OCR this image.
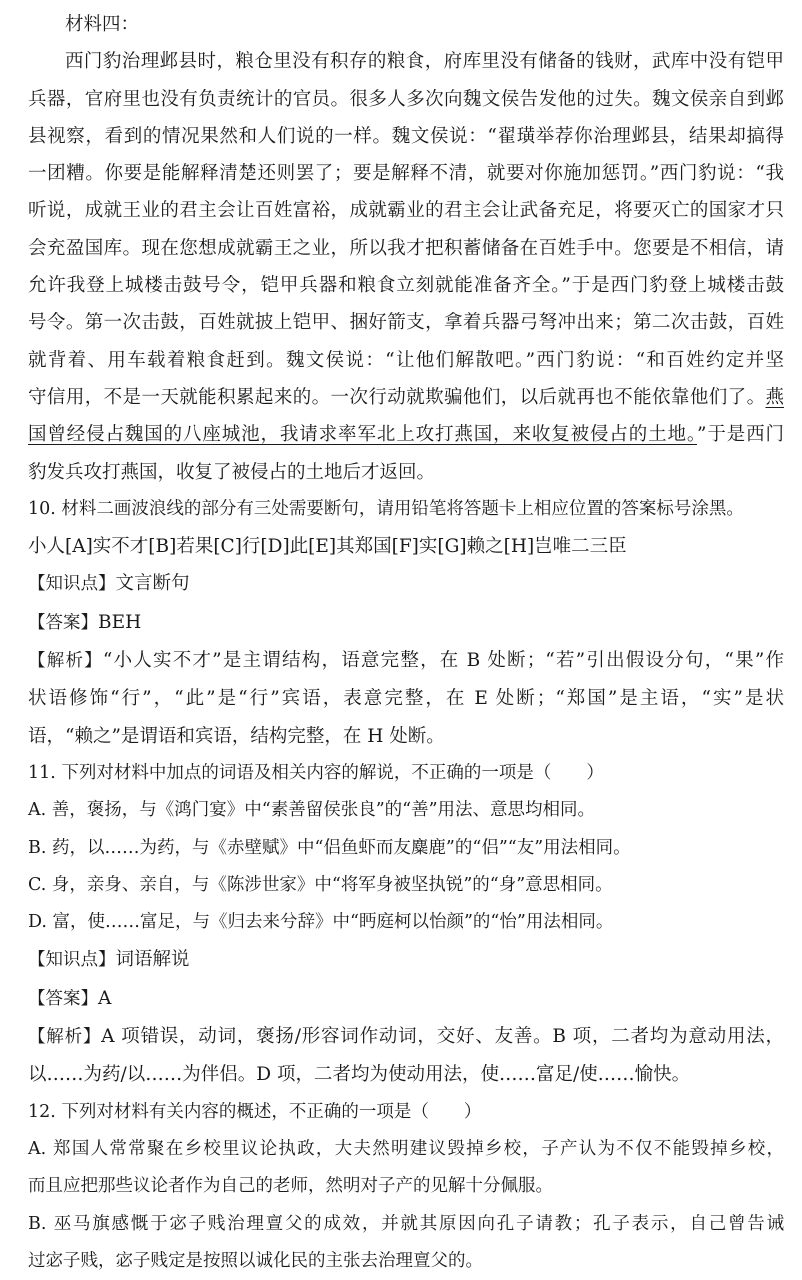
材料四：

西门豹治理邺县时，粮仓里没有积存的粮食，府库里没有储备的钱财，武库中没有铠甲

兵器，官府里也没有负责统计的官员。很多人多次向魏文侯告发他的过失。魏文侯亲自到邺

县视察，看到的情况果然和人们说的一样。魏文侯说：“翟璜举荐你治理邺县，结果却搞得

一团糟。你要是能解释清楚还则罢了；要是解释不清，就要对你施加惩罚。”西门豹说：“我

听说，成就王业的君主会让百姓富裕，成就霸业的君主会让武备充足，将要灭亡的国家才只

会充盈国库。现在您想成就霸王之业，所以我才把积蓄储备在百姓手中。您要是不相信，请

允许我登上城楼击鼓号令，铠甲兵器和粮食立刻就能准备齐全。”于是西门豹登上城楼击鼓

号令。第一次击鼓，百姓就披上铠甲、捆好箭支，拿着兵器弓弩冲出来；第二次击鼓，百姓

就背着、用车载着粮食赶到。魏文侯说：“让他们解散吧。”西门豹说：“和百姓约定并坚

守信用，不是一天就能积累起来的。一次行动就欺骗他们，以后就再也不能依靠他们了。燕

国曾经侵占魏国的八座城池，我请求率军北上攻打燕国，来收复被侵占的土地。”于是西门

豹发兵攻打燕国，收复了被侵占的土地后才返回。

10. 材料二画波浪线的部分有三处需要断句，请用铅笔将答题卡上相应位置的答案标号涂黑。

小人[A]实不才[B]若果[C]行[D]此[E]其郑国[F]实[G]赖之[H]岂唯二三臣

【知识点】文言断句

【答案】BEH

【解析】“小人实不才”是主谓结构，语意完整，在 B 处断；“若”引出假设分句，“果”作

状语修饰“行”，“此”是“行”宾语，表意完整，在 E 处断；“郑国”是主语，“实”是状

语，“赖之”是谓语和宾语，结构完整，在 H 处断。

11. 下列对材料中加点的词语及相关内容的解说，不正确的一项是（　　）

A. 善，褒扬，与《鸿门宴》中“素善留侯张良”的“善”用法、意思均相同。

B. 药，以……为药，与《赤壁赋》中“侣鱼虾而友麋鹿”的“侣”“友”用法相同。

C. 身，亲身、亲自，与《陈涉世家》中“将军身被坚执锐”的“身”意思相同。

D. 富，使……富足，与《归去来兮辞》中“眄庭柯以怡颜”的“怡”用法相同。

【知识点】词语解说

【答案】A

【解析】A 项错误，动词，褒扬/形容词作动词，交好、友善。B 项，二者均为意动用法，

以……为药/以……为伴侣。D 项，二者均为使动用法，使……富足/使……愉快。

12. 下列对材料有关内容的概述，不正确的一项是（　　）

A. 郑国人常常聚在乡校里议论执政，大夫然明建议毁掉乡校，子产认为不仅不能毁掉乡校，

而且应把那些议论者作为自己的老师，然明对子产的见解十分佩服。

B. 巫马旗感慨于宓子贱治理亶父的成效，并就其原因向孔子请教；孔子表示，自己曾告诫

过宓子贱，宓子贱定是按照以诚化民的主张去治理亶父的。
